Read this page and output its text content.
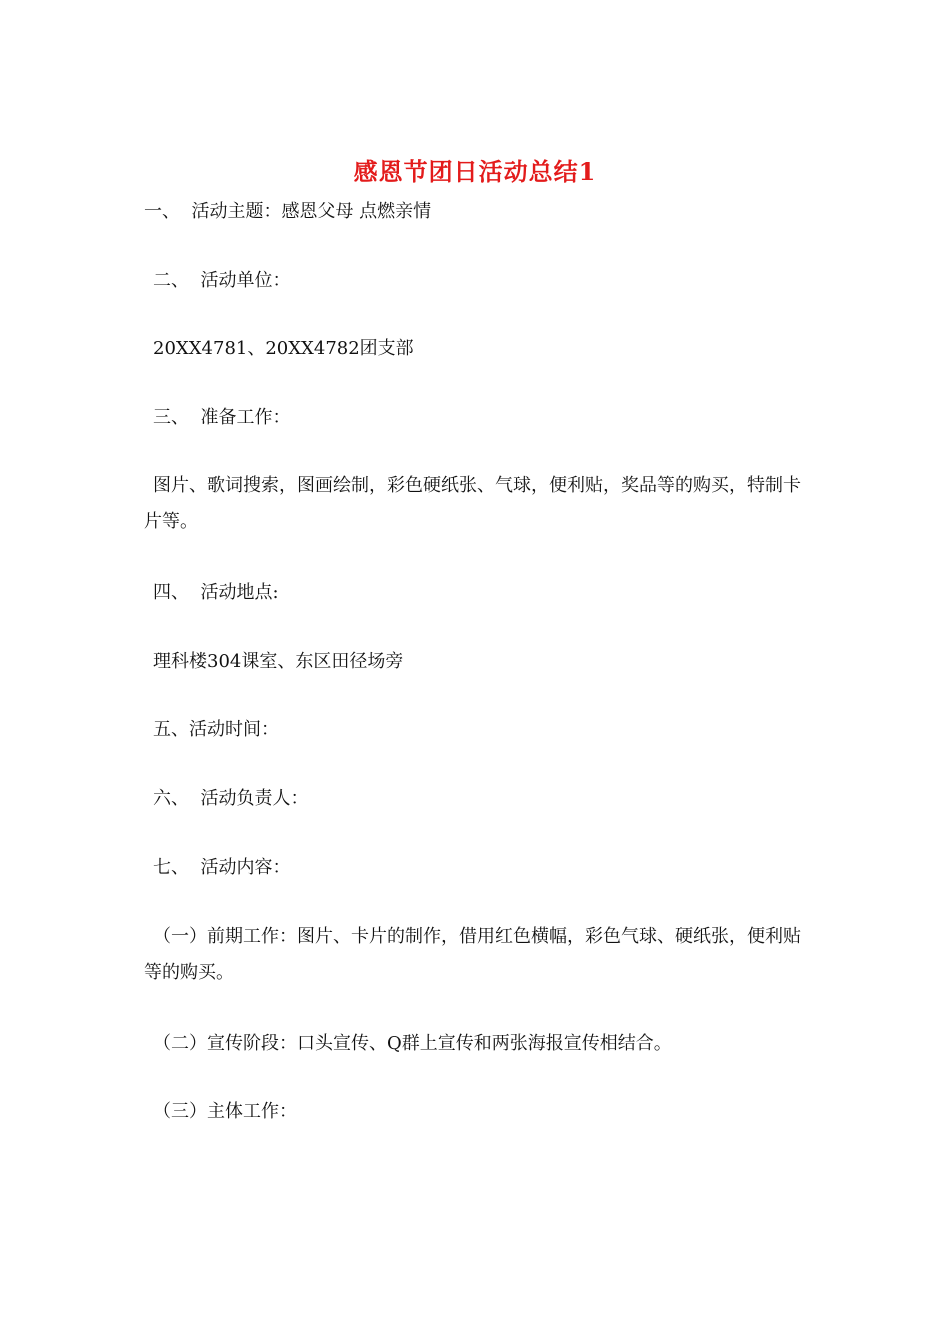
感恩节团日活动总结1
一、  活动主题：感恩父母 点燃亲情
二、  活动单位：
20XX4781、20XX4782团支部
三、  准备工作：
图片、歌词搜索，图画绘制，彩色硬纸张、气球，便利贴，奖品等的购买，特制卡片等。
四、  活动地点:
理科楼304课室、东区田径场旁
五、活动时间：
六、  活动负责人：
七、  活动内容：
（一）前期工作：图片、卡片的制作，借用红色横幅，彩色气球、硬纸张，便利贴等的购买。
（二）宣传阶段：口头宣传、Q群上宣传和两张海报宣传相结合。
（三）主体工作：
